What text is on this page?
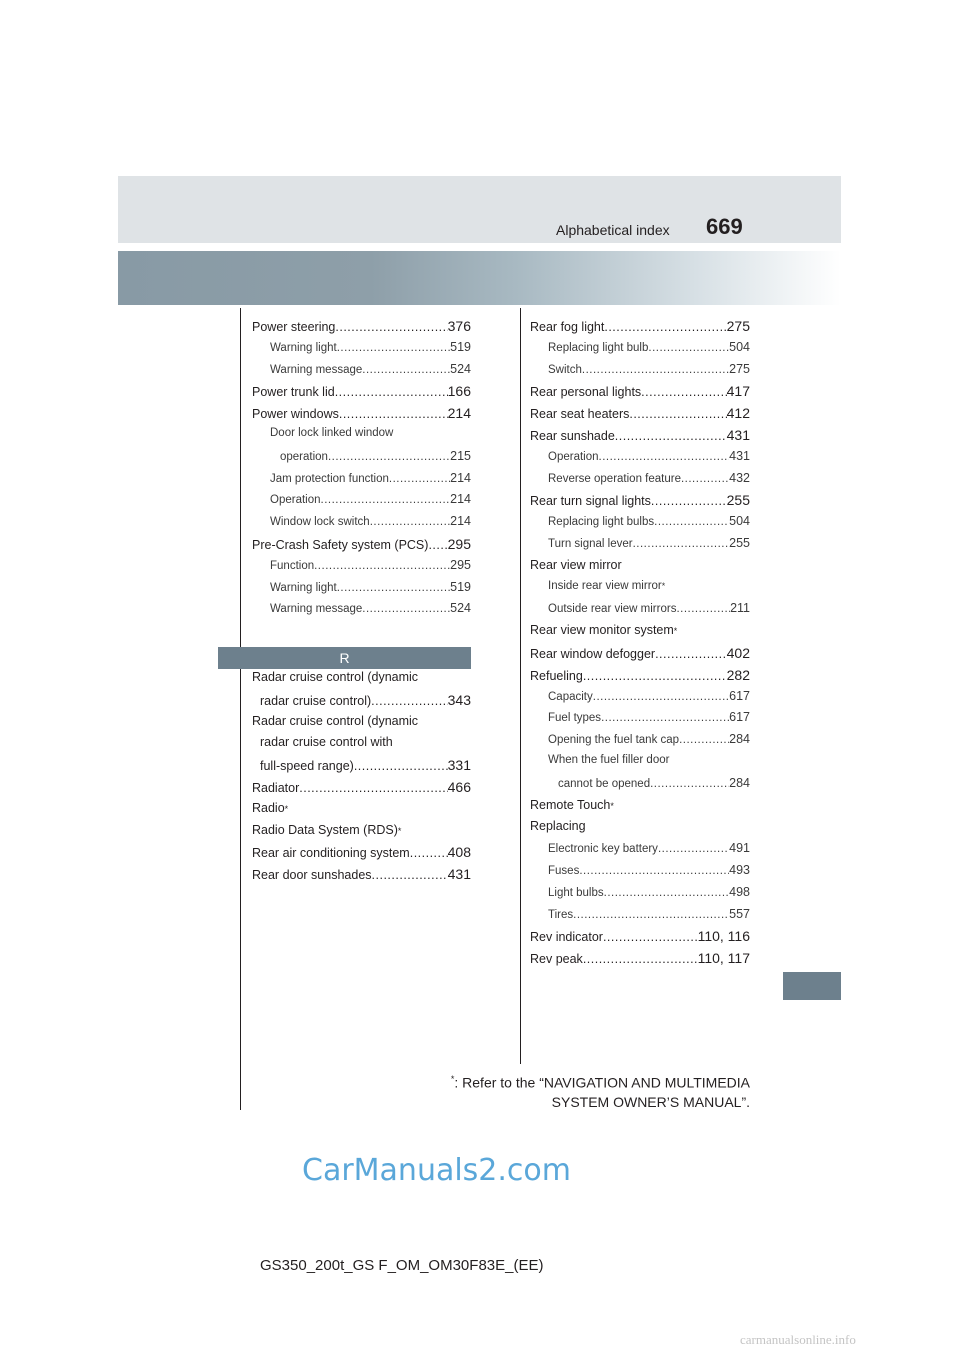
Alphabetical index 669
Power steering .....	376
Warning light .....	519
Warning message .....	524
Power trunk lid .....	166
Power windows .....	214
Door lock linked window
operation .....	215
Jam protection function .....	214
Operation .....	214
Window lock switch .....	214
Pre-Crash Safety system (PCS) ..... 295
Function .....	295
Warning light .....	519
Warning message .....	524
R
Radar cruise control (dynamic
radar cruise control) .....	343
Radar cruise control (dynamic
radar cruise control with
full-speed range) .....	331
Radiator .....	466
Radio *
Radio Data System (RDS) *
Rear air conditioning system .....	408
Rear door sunshades .....	431
Rear fog light .....	275
Replacing light bulb .....	504
Switch .....	275
Rear personal lights .....	417
Rear seat heaters .....	412
Rear sunshade .....	431
Operation .....	431
Reverse operation feature .....	432
Rear turn signal lights .....	255
Replacing light bulbs .....	504
Turn signal lever .....	255
Rear view mirror
Inside rear view mirror *
Outside rear view mirrors .....	211
Rear view monitor system *
Rear window defogger .....	402
Refueling .....	282
Capacity .....	617
Fuel types .....	617
Opening the fuel tank cap .....	284
When the fuel filler door
cannot be opened .....	284
Remote Touch *
Replacing
Electronic key battery .....	491
Fuses .....	493
Light bulbs .....	498
Tires .....	557
Rev indicator .....	110, 116
Rev peak .....	110, 117
*: Refer to the “NAVIGATION AND MULTIMEDIA
SYSTEM OWNER’S MANUAL”.
GS350_200t_GS F_OM_OM30F83E_(EE)
CarManuals2.com
carmanualsonline.info
